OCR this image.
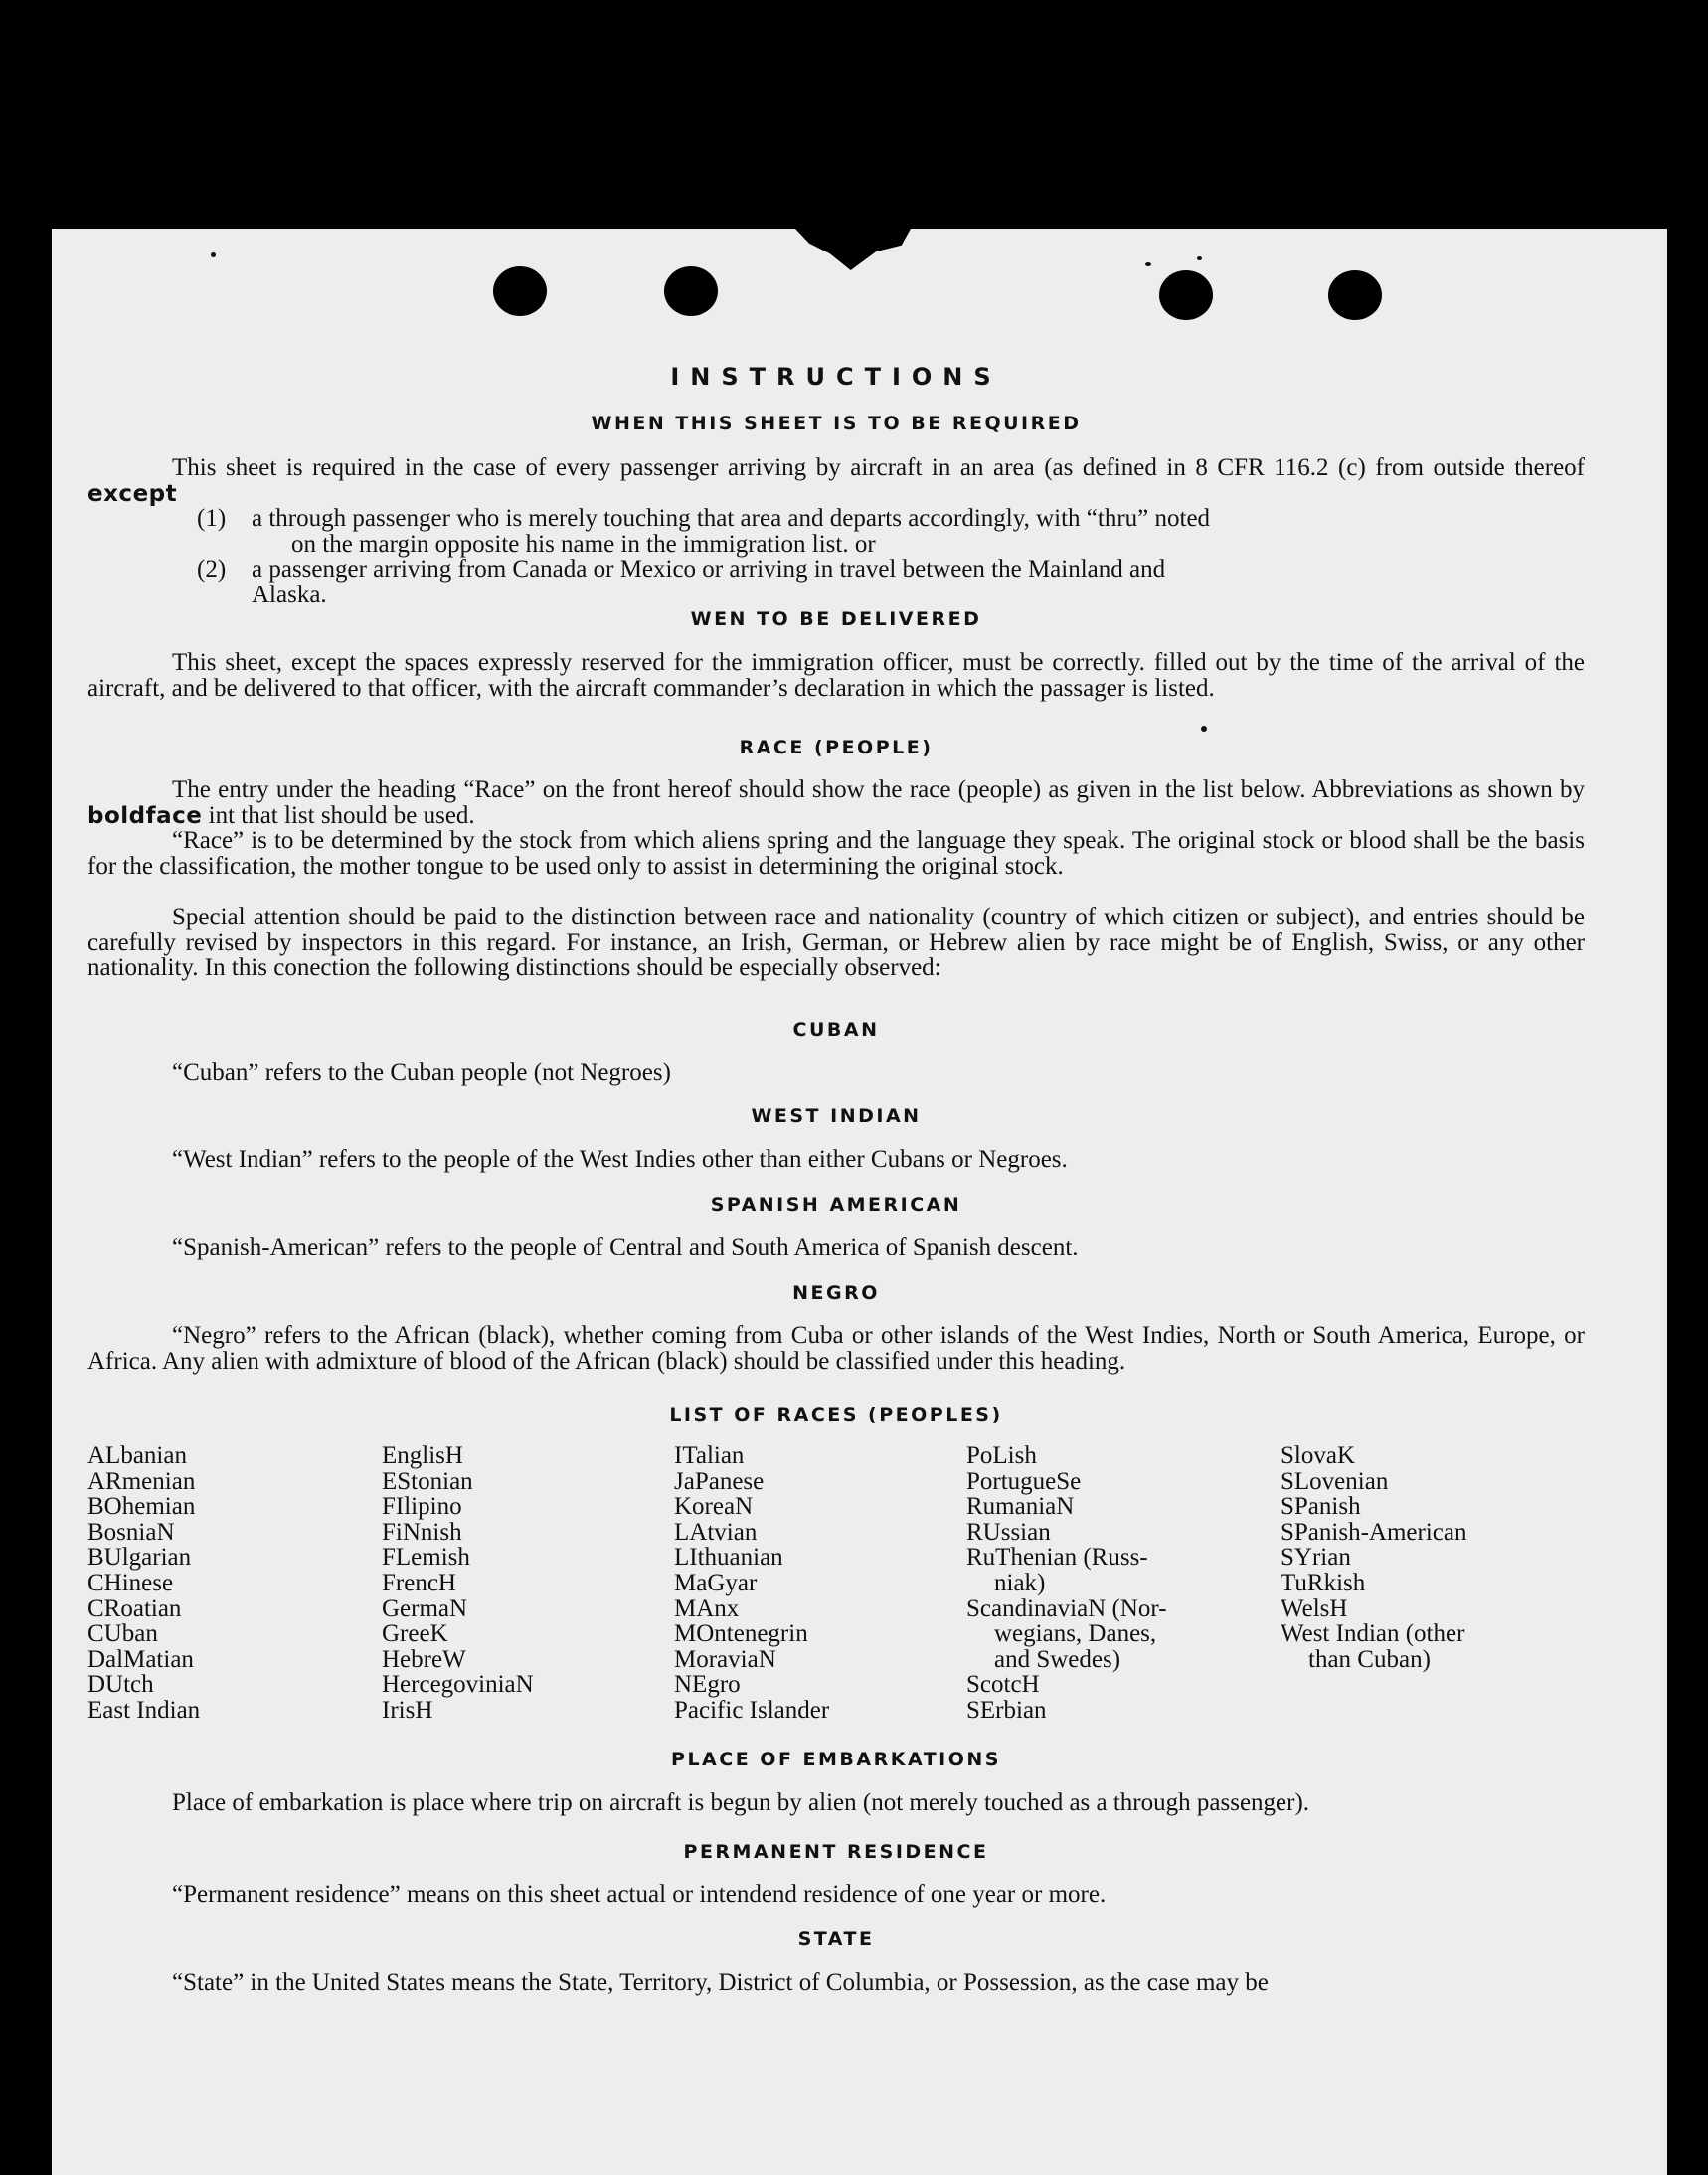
INSTRUCTIONS
WHEN THIS SHEET IS TO BE REQUIRED
This sheet is required in the case of every passenger arriving by aircraft in an area (as defined in 8 CFR 116.2 (c) from outside thereof except
(1) a through passenger who is merely touching that area and departs accordingly, with “thru” noted
on the margin opposite his name in the immigration list. or
(2) a passenger arriving from Canada or Mexico or arriving in travel between the Mainland and
Alaska.
WEN TO BE DELIVERED
This sheet, except the spaces expressly reserved for the immigration officer, must be correctly. filled out by the time of the arrival of the aircraft, and be delivered to that officer, with the aircraft commander’s declaration in which the passager is listed.
RACE (PEOPLE)
The entry under the heading “Race” on the front hereof should show the race (people) as given in the list below. Abbreviations as shown by boldface int that list should be used.
“Race” is to be determined by the stock from which aliens spring and the language they speak. The original stock or blood shall be the basis for the classification, the mother tongue to be used only to assist in determining the original stock.
Special attention should be paid to the distinction between race and nationality (country of which citizen or subject), and entries should be carefully revised by inspectors in this regard. For instance, an Irish, German, or Hebrew alien by race might be of English, Swiss, or any other nationality. In this conection the following distinctions should be especially observed:
CUBAN
“Cuban” refers to the Cuban people (not Negroes)
WEST INDIAN
“West Indian” refers to the people of the West Indies other than either Cubans or Negroes.
SPANISH AMERICAN
“Spanish-American” refers to the people of Central and South America of Spanish descent.
NEGRO
“Negro” refers to the African (black), whether coming from Cuba or other islands of the West Indies, North or South America, Europe, or Africa. Any alien with admixture of blood of the African (black) should be classified under this heading.
LIST OF RACES (PEOPLES)
ALbanian
ARmenian
BOhemian
BosniaN
BUlgarian
CHinese
CRoatian
CUban
DalMatian
DUtch
East Indian
EnglisH
EStonian
FIlipino
FiNnish
FLemish
FrencH
GermaN
GreeK
HebreW
HercegoviniaN
IrisH
ITalian
JaPanese
KoreaN
LAtvian
LIthuanian
MaGyar
MAnx
MOntenegrin
MoraviaN
NEgro
Pacific Islander
PoLish
PortugueSe
RumaniaN
RUssian
RuThenian (Russ-
niak)
ScandinaviaN (Nor-
wegians, Danes,
and Swedes)
ScotcH
SErbian
SlovaK
SLovenian
SPanish
SPanish-American
SYrian
TuRkish
WelsH
West Indian (other
than Cuban)
PLACE OF EMBARKATIONS
Place of embarkation is place where trip on aircraft is begun by alien (not merely touched as a through passenger).
PERMANENT RESIDENCE
“Permanent residence” means on this sheet actual or intendend residence of one year or more.
STATE
“State” in the United States means the State, Territory, District of Columbia, or Possession, as the case may be
